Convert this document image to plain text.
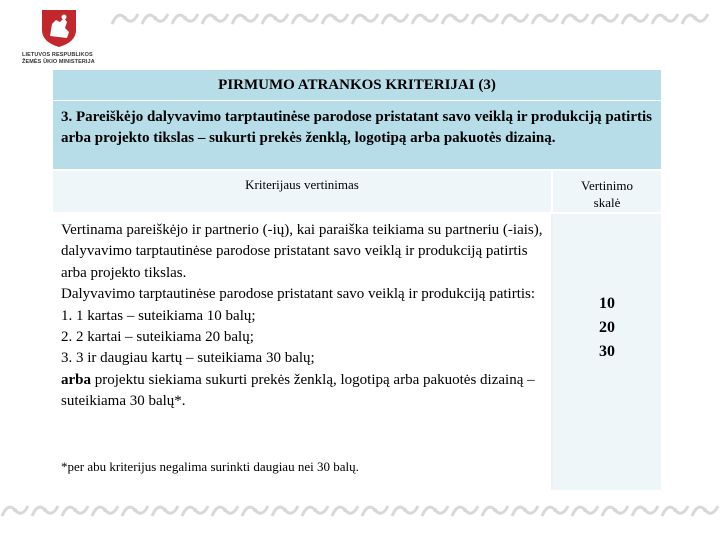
LIETUVOS RESPUBLIKOS
ŽEMĖS ŪKIO MINISTERIJA
PIRMUMO ATRANKOS KRITERIJAI (3)
3. Pareiškėjo dalyvavimo tarptautinėse parodose pristatant savo veiklą ir produkciją patirtis arba projekto tikslas – sukurti prekės ženklą, logotipą arba pakuotės dizainą.
Kriterijaus vertinimas	Vertinimo
skalė
Vertinama pareiškėjo ir partnerio (-ių), kai paraiška teikiama su partneriu (-iais), dalyvavimo tarptautinėse parodose pristatant savo veiklą ir produkciją patirtis arba projekto tikslas.
Dalyvavimo tarptautinėse parodose pristatant savo veiklą ir produkciją patirtis:
1. 1 kartas – suteikiama 10 balų;
2. 2 kartai – suteikiama 20 balų;
3. 3 ir daugiau kartų – suteikiama 30 balų;
arba projektu siekiama sukurti prekės ženklą, logotipą arba pakuotės dizainą – suteikiama 30 balų*.
*per abu kriterijus negalima surinkti daugiau nei 30 balų.
10
20
30
